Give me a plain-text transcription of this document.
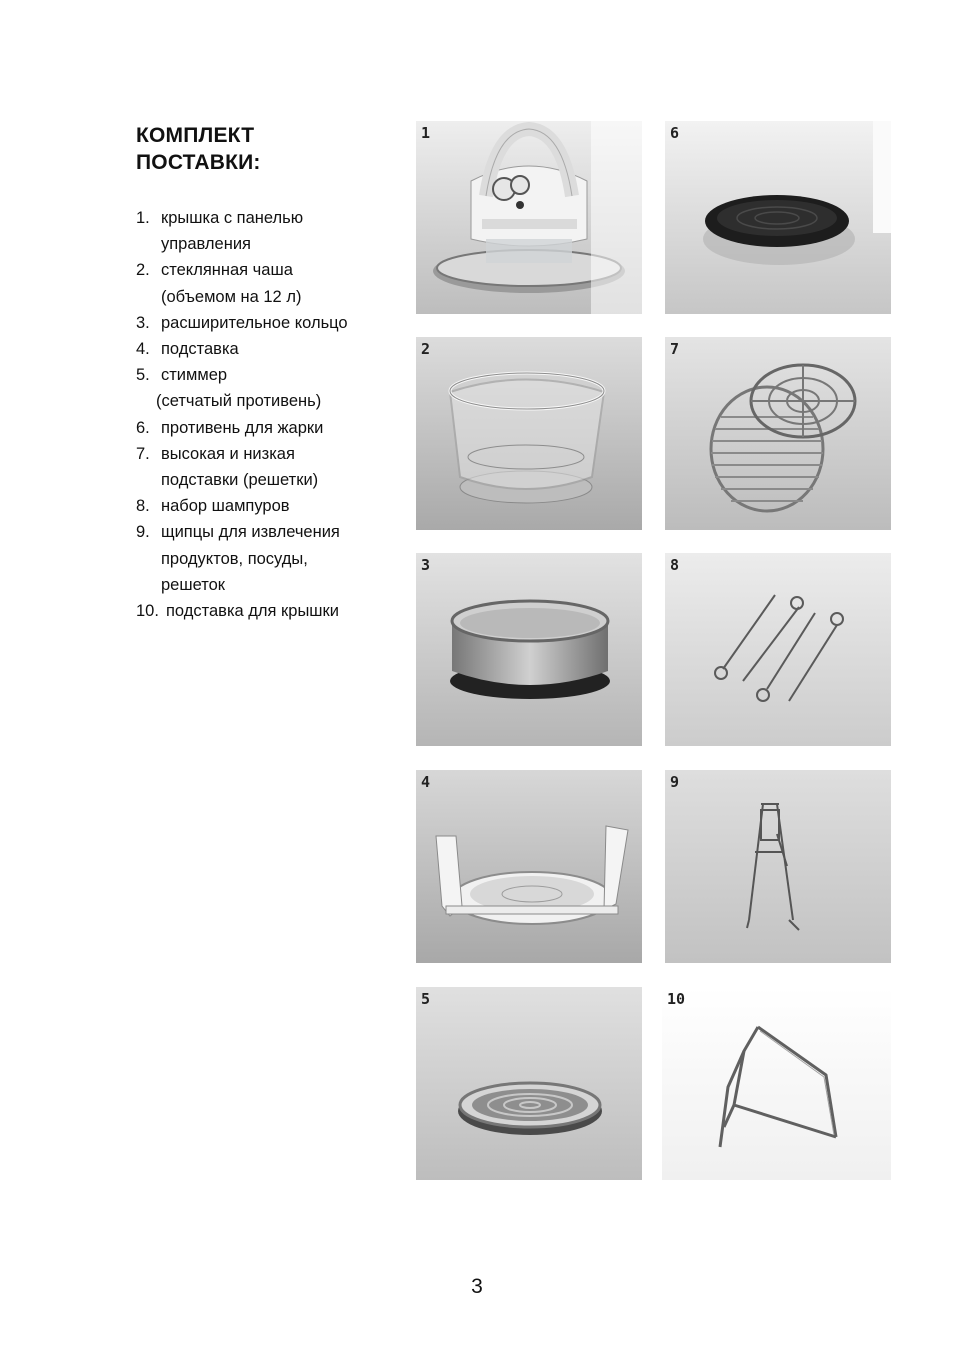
КОМПЛЕКТ
ПОСТАВКИ:
1. крышка с панелью
управления
2. стеклянная чаша
(объемом на 12 л)
3. расширительное кольцо
4. подставка
5. стиммер
(сетчатый противень)
6. противень для жарки
7. высокая и низкая
подставки (решетки)
8. набор шампуров
9. щипцы для извлечения
продуктов, посуды,
решеток
10. подставка для крышки
1	6
2	7
3	8
4	9
5	10
3
